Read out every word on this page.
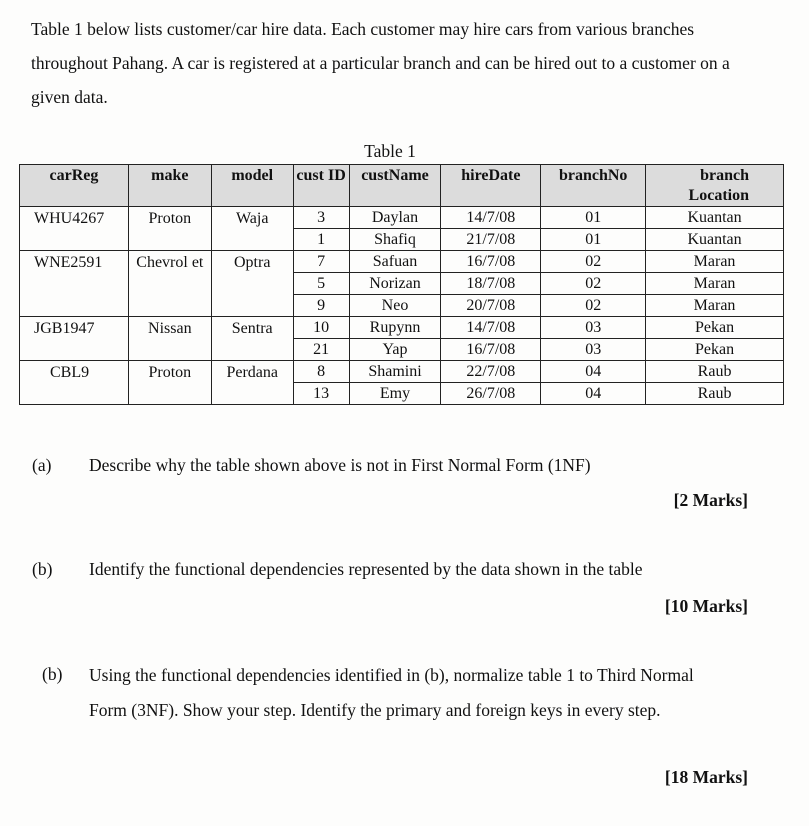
Table 1 below lists customer/car hire data. Each customer may hire cars from various branches throughout Pahang. A car is registered at a particular branch and can be hired out to a customer on a given data.
Table 1
carReg	make	model	cust ID	custName	hireDate	branchNo	branch Location
WHU4267	Proton	Waja	3	Daylan	14/7/08	01	Kuantan
			1	Shafiq	21/7/08	01	Kuantan
WNE2591	Chevrol et	Optra	7	Safuan	16/7/08	02	Maran
			5	Norizan	18/7/08	02	Maran
			9	Neo	20/7/08	02	Maran
JGB1947	Nissan	Sentra	10	Rupynn	14/7/08	03	Pekan
			21	Yap	16/7/08	03	Pekan
CBL9	Proton	Perdana	8	Shamini	22/7/08	04	Raub
			13	Emy	26/7/08	04	Raub
(a) Describe why the table shown above is not in First Normal Form (1NF)
[2 Marks]
(b) Identify the functional dependencies represented by the data shown in the table
[10 Marks]
(b) Using the functional dependencies identified in (b), normalize table 1 to Third Normal Form (3NF). Show your step. Identify the primary and foreign keys in every step.
[18 Marks]
